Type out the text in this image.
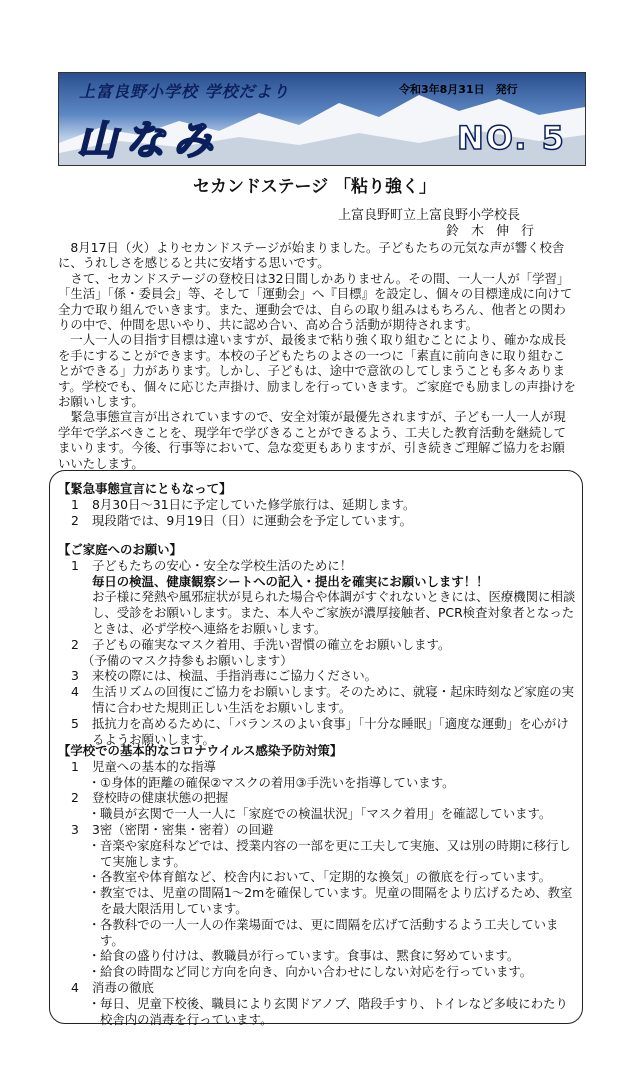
上富良野小学校 学校だより	令和3年8月31日　発行
山なみ	NO. 5
セカンドステージ 「粘り強く」
上富良野町立上富良野小学校長
鈴木伸行

　8月17日（火）よりセカンドステージが始まりました。子どもたちの元気な声が響く校舎に、うれしさを感じると共に安堵する思いです。

　さて、セカンドステージの登校日は32日間しかありません。その間、一人一人が「学習」「生活」「係・委員会」等、そして「運動会」へ『目標』を設定し、個々の目標達成に向けて全力で取り組んでいきます。また、運動会では、自らの取り組みはもちろん、他者との関わりの中で、仲間を思いやり、共に認め合い、高め合う活動が期待されます。

　一人一人の目指す目標は違いますが、最後まで粘り強く取り組むことにより、確かな成長を手にすることができます。本校の子どもたちのよさの一つに「素直に前向きに取り組むことができる」力があります。しかし、子どもは、途中で意欲のしてしまうことも多々あります。学校でも、個々に応じた声掛け、励ましを行っていきます。ご家庭でも励ましの声掛けをお願いします。

　緊急事態宣言が出されていますので、安全対策が最優先されますが、子ども一人一人が現学年で学ぶべきことを、現学年で学びきることができるよう、工夫した教育活動を継続してまいります。今後、行事等において、急な変更もありますが、引き続きご理解ご協力をお願いいたします。

【緊急事態宣言にともなって】
1	8月30日～31日に予定していた修学旅行は、延期します。
2	現段階では、9月19日（日）に運動会を予定しています。
【ご家庭へのお願い】
1	子どもたちの安心・安全な学校生活のために！
毎日の検温、健康観察シートへの記入・提出を確実にお願いします！！
お子様に発熱や風邪症状が見られた場合や体調がすぐれないときには、医療機関に相談し、受診をお願いします。また、本人やご家族が濃厚接触者、PCR検査対象者となったときは、必ず学校へ連絡をお願いします。
2	子どもの確実なマスク着用、手洗い習慣の確立をお願いします。
（予備のマスク持参もお願いします）
3	来校の際には、検温、手指消毒にご協力ください。
4	生活リズムの回復にご協力をお願いします。そのために、就寝・起床時刻など家庭の実情に合わせた規則正しい生活をお願いします。
5	抵抗力を高めるために、「バランスのよい食事」「十分な睡眠」「適度な運動」を心がけるようお願いします。
【学校での基本的なコロナウイルス感染予防対策】
1	児童への基本的な指導
・ ①身体的距離の確保②マスクの着用③手洗いを指導しています。
2	登校時の健康状態の把握
・ 職員が玄関で一人一人に「家庭での検温状況」「マスク着用」を確認しています。
3	3密（密閉・密集・密着）の回避
・ 音楽や家庭科などでは、授業内容の一部を更に工夫して実施、又は別の時期に移行して実施します。
・ 各教室や体育館など、校舎内において、「定期的な換気」の徹底を行っています。
・ 教室では、児童の間隔1～2mを確保しています。児童の間隔をより広げるため、教室を最大限活用しています。
・ 各教科での一人一人の作業場面では、更に間隔を広げて活動するよう工夫しています。
・ 給食の盛り付けは、教職員が行っています。食事は、黙食に努めています。
・ 給食の時間など同じ方向を向き、向かい合わせにしない対応を行っています。
4	消毒の徹底
・ 毎日、児童下校後、職員により玄関ドアノブ、階段手すり、トイレなど多岐にわたり校舎内の消毒を行っています。
